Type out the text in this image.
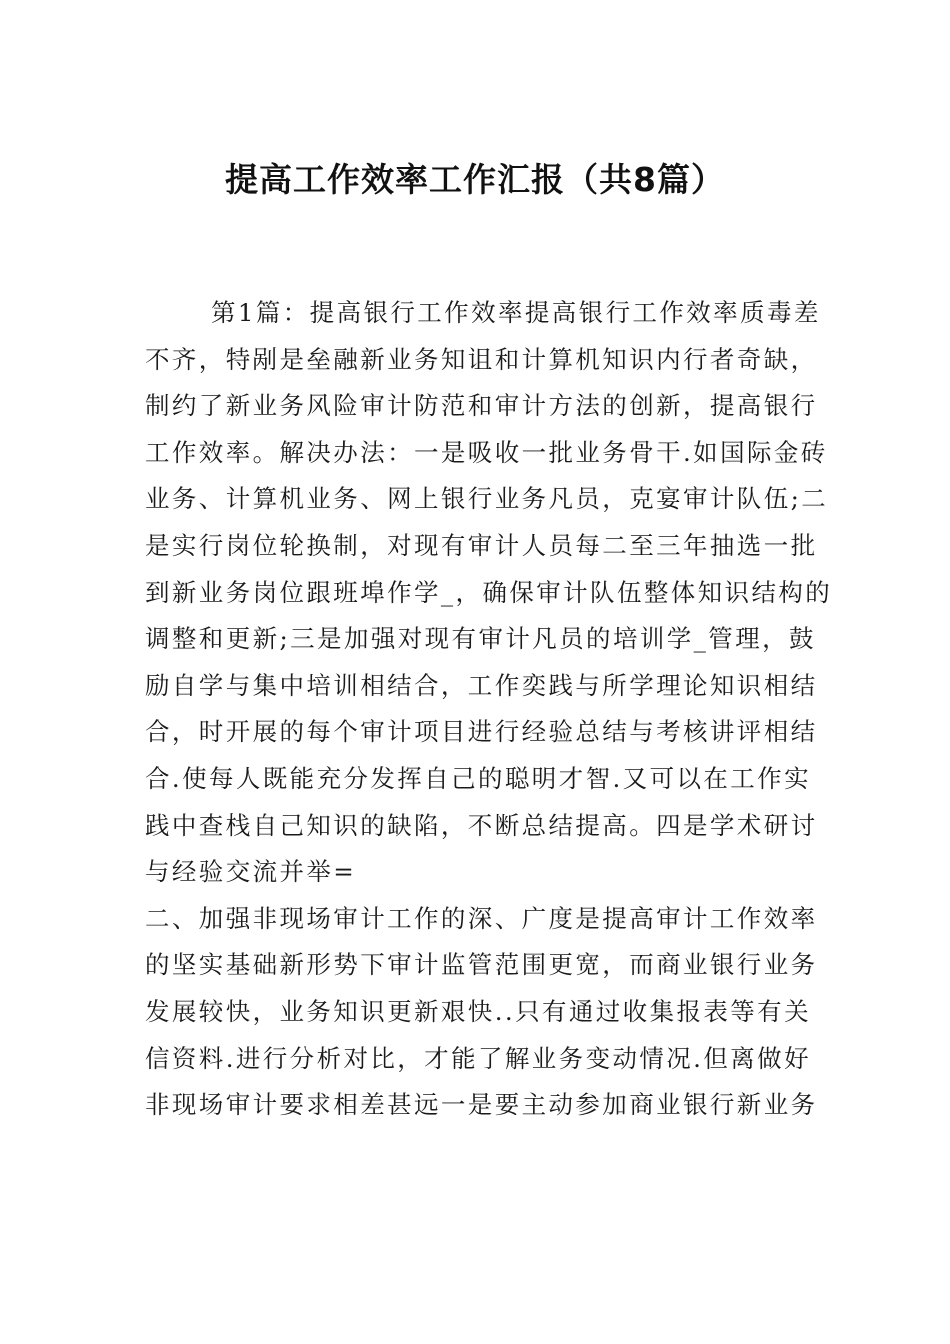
提高工作效率工作汇报（共8篇）
第1篇：提高银行工作效率提高银行工作效率质毒差
不齐，特剐是垒融新业务知诅和计算机知识内行者奇缺，
制约了新业务风险审计防范和审计方法的创新，提高银行
工作效率。解决办法：一是吸收一批业务骨干.如国际金砖
业务、计算机业务、网上银行业务凡员，克宴审计队伍;二
是实行岗位轮换制，对现有审计人员每二至三年抽选一批
到新业务岗位跟班埠作学_，确保审计队伍整体知识结构的
调整和更新;三是加强对现有审计凡员的培训学_管理，鼓
励自学与集中培训相结合，工作奕践与所学理论知识相结
合，时开展的每个审计项目进行经验总结与考核讲评相结
合.使每人既能充分发挥自己的聪明才智.又可以在工作实
践中查栈自己知识的缺陷，不断总结提高。四是学术研讨
与经验交流并举=
二、加强非现场审计工作的深、广度是提高审计工作效率
的坚实基础新形势下审计监管范围更宽，而商业银行业务
发展较快，业务知识更新艰快..只有通过收集报表等有关
信资料.进行分析对比，才能了解业务变动情况.但离做好
非现场审计要求相差甚远一是要主动参加商业银行新业务
